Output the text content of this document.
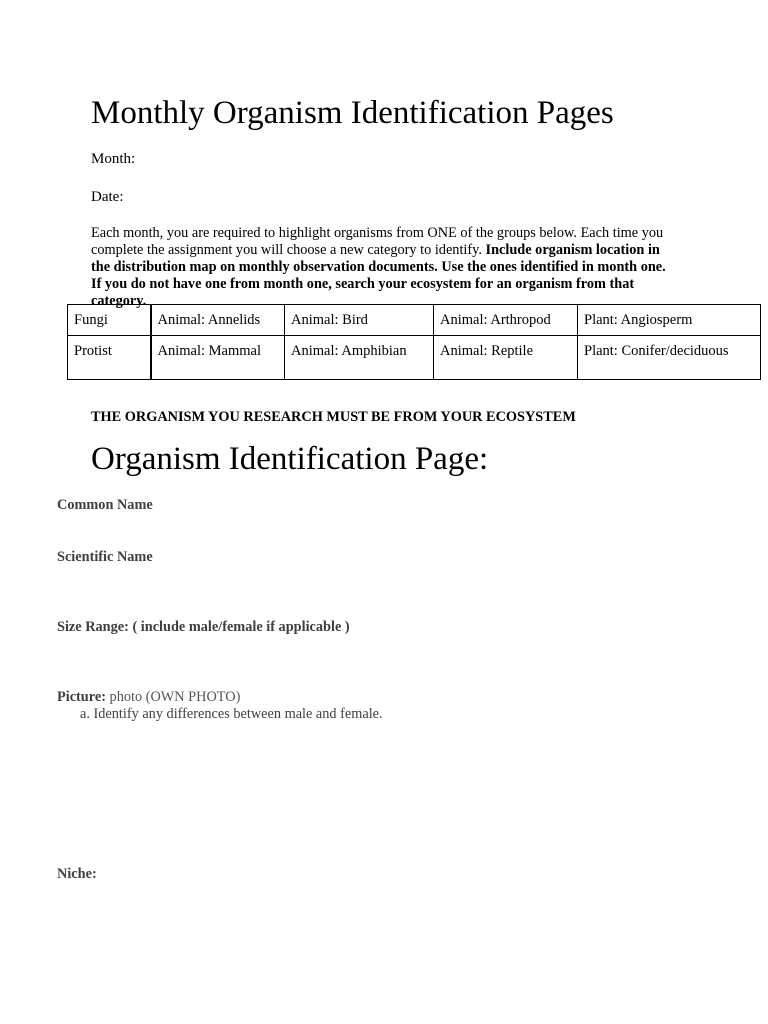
Monthly Organism Identification Pages
Month:
Date:
Each month, you are required to highlight organisms from ONE of the groups below. Each time you complete the assignment you will choose a new category to identify. Include organism location in the distribution map on monthly observation documents. Use the ones identified in month one. If you do not have one from month one, search your ecosystem for an organism from that category.
Fungi	Animal: Annelids	Animal: Bird	Animal: Arthropod	Plant: Angiosperm
Protist	Animal: Mammal	Animal: Amphibian	Animal: Reptile	Plant: Conifer/deciduous
THE ORGANISM YOU RESEARCH MUST BE FROM YOUR ECOSYSTEM
Organism Identification Page:
Common Name
Scientific Name
Size Range: ( include male/female if applicable )
Picture: photo (OWN PHOTO)
a. Identify any differences between male and female.
Niche:
